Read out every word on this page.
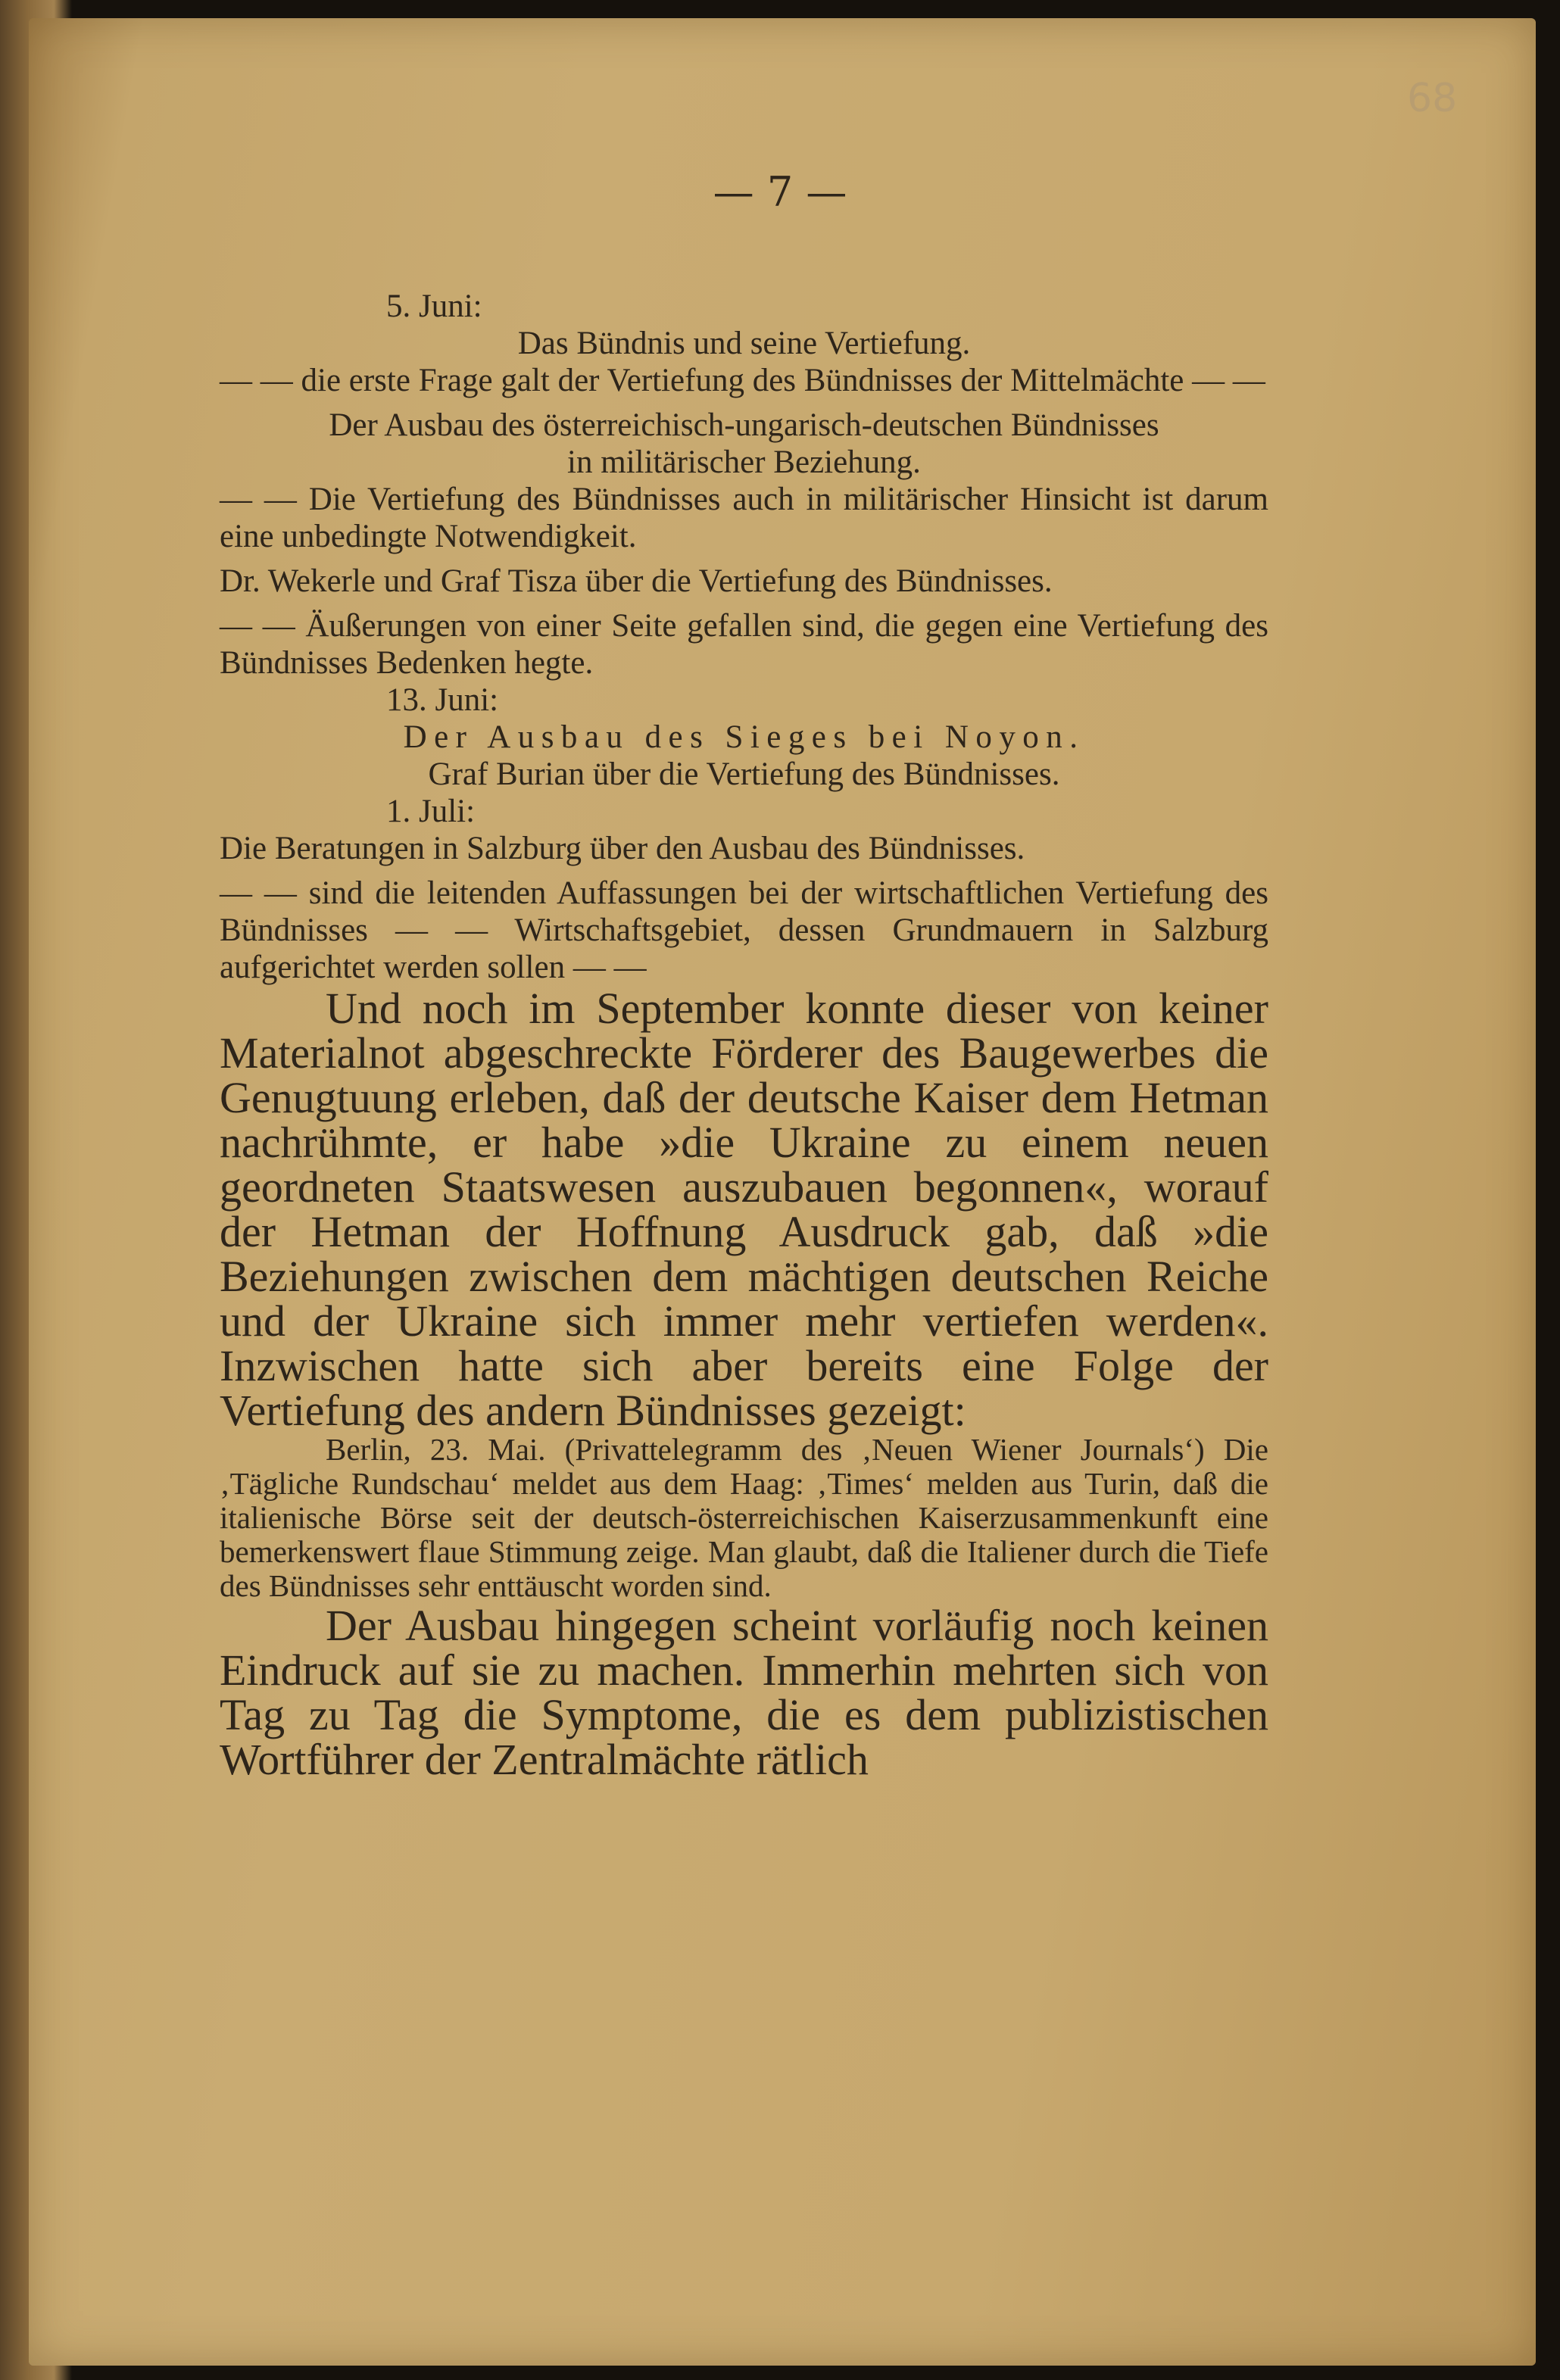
68
— 7 —

5. Juni:

Das Bündnis und seine Vertiefung.

— — die erste Frage galt der Vertiefung des Bündnisses der Mittelmächte — —

Der Ausbau des österreichisch-ungarisch-deutschen Bündnisses

in militärischer Beziehung.

— — Die Vertiefung des Bündnisses auch in militärischer Hinsicht ist darum eine unbedingte Notwendigkeit.

Dr. Wekerle und Graf Tisza über die Vertiefung des Bündnisses.

— — Äußerungen von einer Seite gefallen sind, die gegen eine Vertiefung des Bündnisses Bedenken hegte.

13. Juni:

Der Ausbau des Sieges bei Noyon.

Graf Burian über die Vertiefung des Bündnisses.

1. Juli:

Die Beratungen in Salzburg über den Ausbau des Bündnisses.

— — sind die leitenden Auffassungen bei der wirtschaftlichen Vertiefung des Bündnisses — — Wirtschaftsgebiet, dessen Grundmauern in Salzburg aufgerichtet werden sollen — —

Und noch im September konnte dieser von keiner Materialnot abgeschreckte Förderer des Baugewerbes die Genugtuung erleben, daß der deutsche Kaiser dem Hetman nachrühmte, er habe »die Ukraine zu einem neuen geordneten Staatswesen auszubauen begonnen«, worauf der Hetman der Hoffnung Ausdruck gab, daß »die Beziehungen zwischen dem mächtigen deutschen Reiche und der Ukraine sich immer mehr vertiefen werden«. Inzwischen hatte sich aber bereits eine Folge der Vertiefung des andern Bündnisses gezeigt:

Berlin, 23. Mai. (Privattelegramm des ‚Neuen Wiener Journals‘) Die ‚Tägliche Rundschau‘ meldet aus dem Haag: ‚Times‘ melden aus Turin, daß die italienische Börse seit der deutsch-österreichischen Kaiserzusammenkunft eine bemerkenswert flaue Stimmung zeige. Man glaubt, daß die Italiener durch die Tiefe des Bündnisses sehr enttäuscht worden sind.

Der Ausbau hingegen scheint vorläufig noch keinen Eindruck auf sie zu machen. Immerhin mehrten sich von Tag zu Tag die Symptome, die es dem publizistischen Wortführer der Zentralmächte rätlich
